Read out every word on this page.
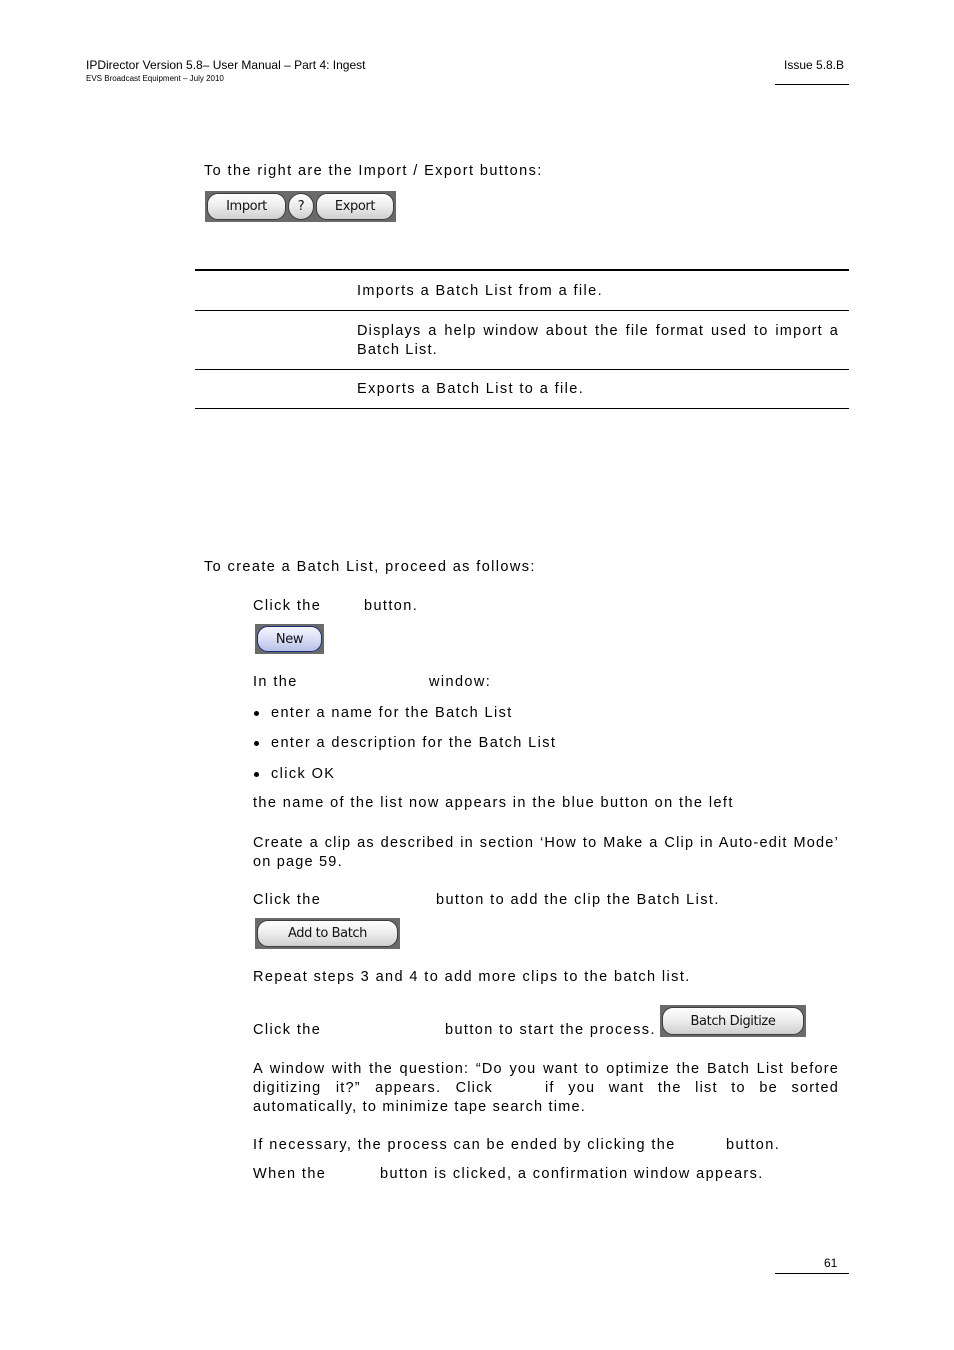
IPDirector Version 5.8– User Manual – Part 4: Ingest
EVS Broadcast Equipment – July 2010
Issue 5.8.B
To the right are the Import / Export buttons:
Import	?	Export
Imports a Batch List from a file.
Displays a help window about the file format used to import a
Batch List.
Exports a Batch List to a file.
To create a Batch List, proceed as follows:
Click the	button.
New
In the	window:
enter a name for the Batch List
enter a description for the Batch List
click OK
the name of the list now appears in the blue button on the left
Create a clip as described in section ‘How to Make a Clip in Auto-edit Mode’
on page 59.
Click the	button to add the clip the Batch List.
Add to Batch
Repeat steps 3 and 4 to add more clips to the batch list.
Click the	button to start the process.
Batch Digitize
A window with the question: “Do you want to optimize the Batch List before
digitizing it?” appears. Click	if you want the list to be sorted
automatically, to minimize tape search time.
If necessary, the process can be ended by clicking the	button.
When the	button is clicked, a confirmation window appears.
61
